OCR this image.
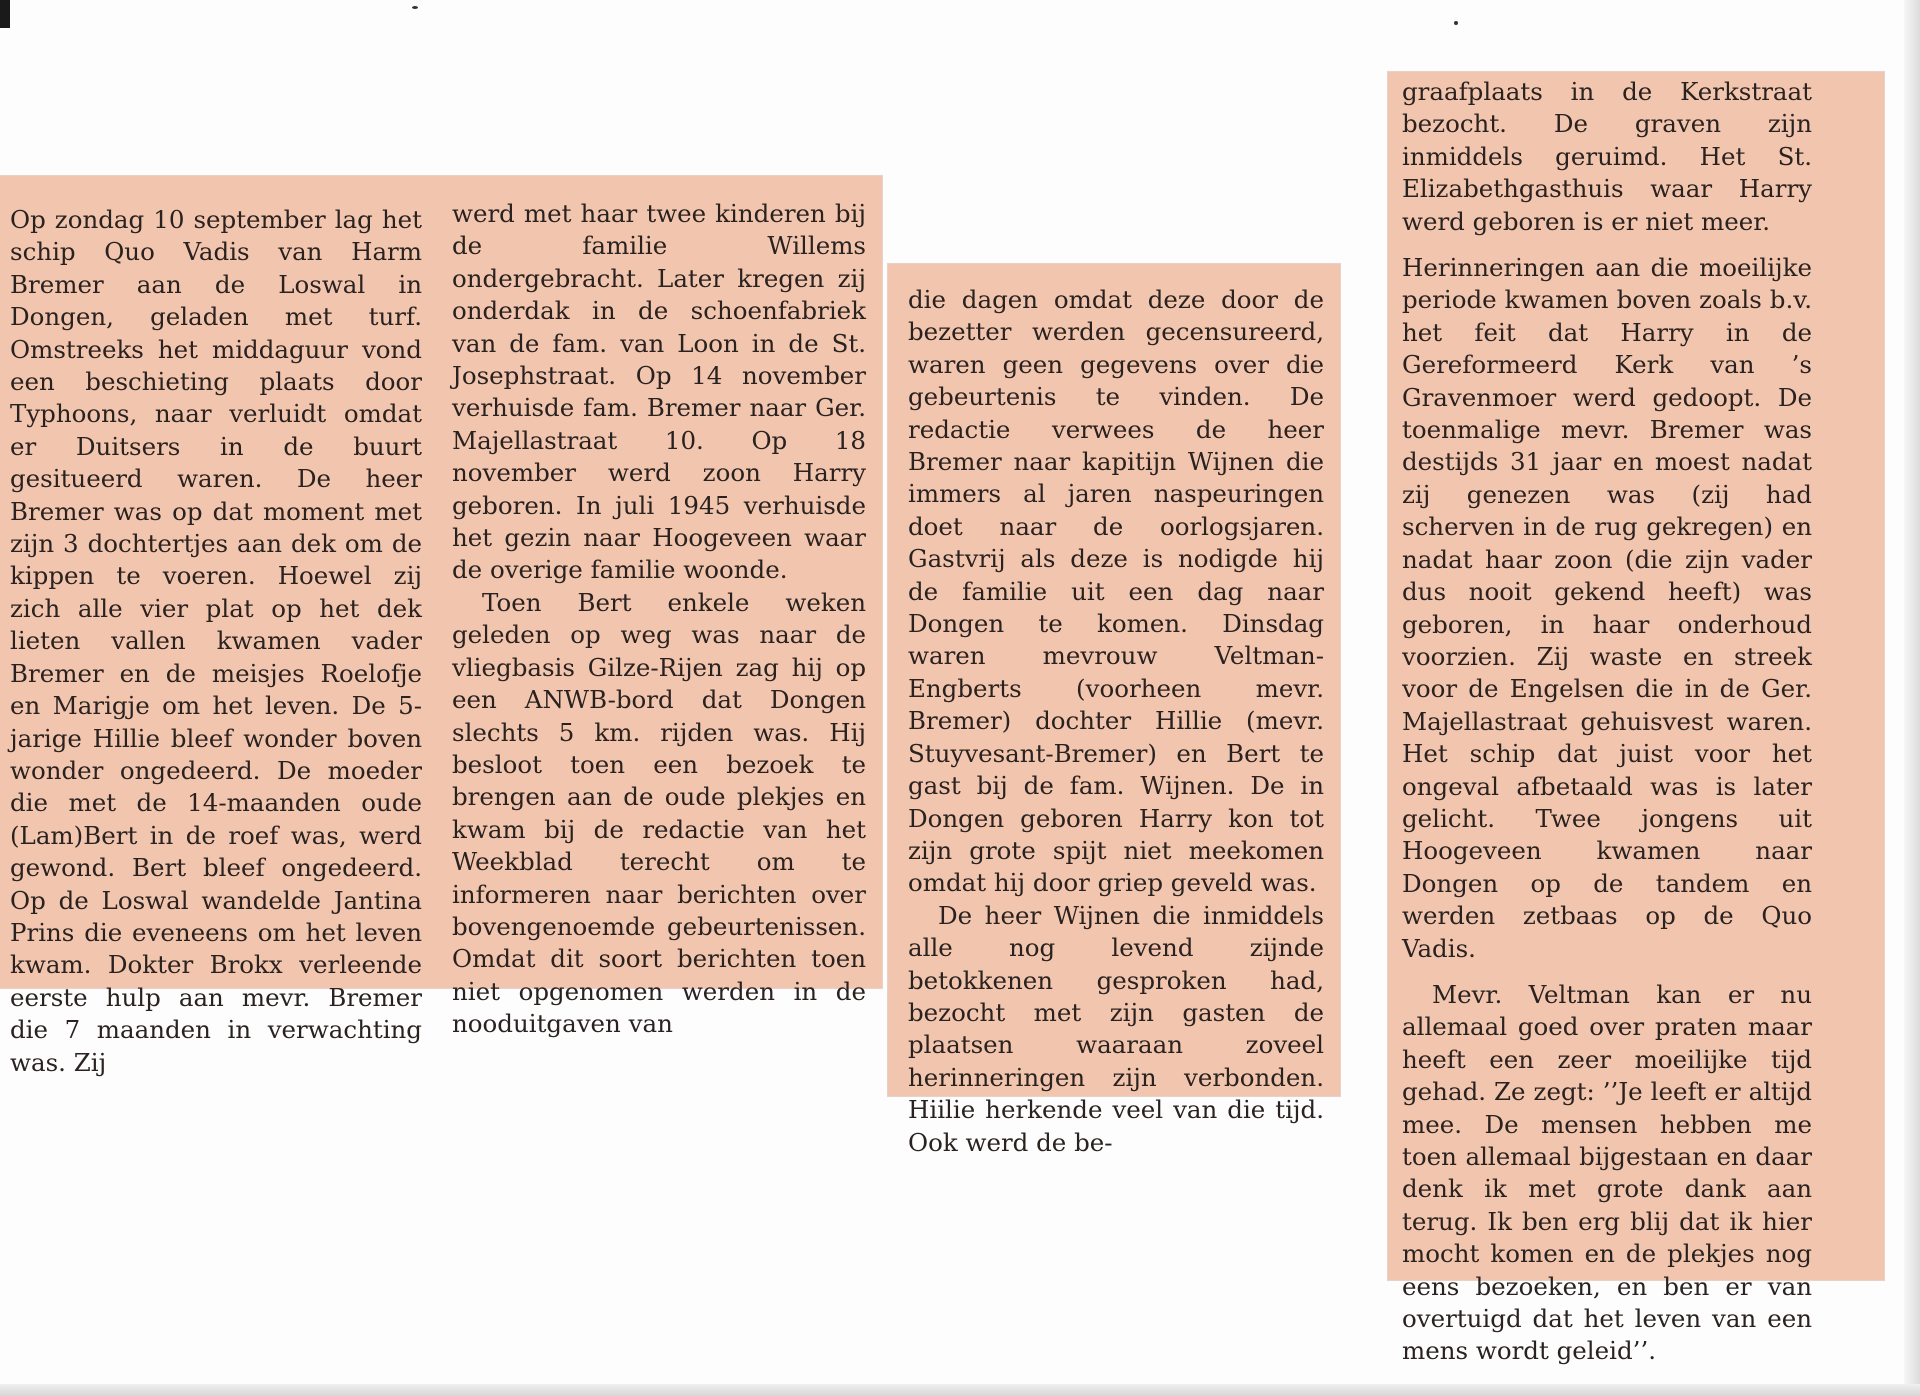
Op zondag 10 september lag het schip Quo Vadis van Harm Bremer aan de Loswal in Dongen, geladen met turf. Omstreeks het middaguur vond een beschieting plaats door Typhoons, naar verluidt omdat er Duitsers in de buurt gesitueerd waren. De heer Bremer was op dat moment met zijn 3 dochtertjes aan dek om de kippen te voeren. Hoewel zij zich alle vier plat op het dek lieten vallen kwamen vader Bremer en de meisjes Roelofje en Marigje om het leven. De 5-jarige Hillie bleef wonder boven wonder ongedeerd. De moeder die met de 14-maanden oude (Lam)Bert in de roef was, werd gewond. Bert bleef ongedeerd. Op de Loswal wandelde Jantina Prins die eveneens om het leven kwam. Dokter Brokx verleende eerste hulp aan mevr. Bremer die 7 maanden in verwachting was. Zij

werd met haar twee kinderen bij de familie Willems ondergebracht. Later kregen zij onderdak in de schoenfabriek van de fam. van Loon in de St. Josephstraat. Op 14 november verhuisde fam. Bremer naar Ger. Majellastraat 10. Op 18 november werd zoon Harry geboren. In juli 1945 verhuisde het gezin naar Hoogeveen waar de overige familie woonde.

Toen Bert enkele weken geleden op weg was naar de vliegbasis Gilze-Rijen zag hij op een ANWB-bord dat Dongen slechts 5 km. rijden was. Hij besloot toen een bezoek te brengen aan de oude plekjes en kwam bij de redactie van het Weekblad terecht om te informeren naar berichten over bovengenoemde gebeurtenissen. Omdat dit soort berichten toen niet opgenomen werden in de nooduitgaven van

die dagen omdat deze door de bezetter werden gecensureerd, waren geen gegevens over die gebeurtenis te vinden. De redactie verwees de heer Bremer naar kapitijn Wijnen die immers al jaren naspeuringen doet naar de oorlogsjaren. Gastvrij als deze is nodigde hij de familie uit een dag naar Dongen te komen. Dinsdag waren mevrouw Veltman-Engberts (voorheen mevr. Bremer) dochter Hillie (mevr. Stuyvesant-Bremer) en Bert te gast bij de fam. Wijnen. De in Dongen geboren Harry kon tot zijn grote spijt niet meekomen omdat hij door griep geveld was.

De heer Wijnen die inmiddels alle nog levend zijnde betokkenen gesproken had, bezocht met zijn gasten de plaatsen waaraan zoveel herinneringen zijn verbonden. Hiilie herkende veel van die tijd. Ook werd de be-

graafplaats in de Kerkstraat bezocht. De graven zijn inmiddels geruimd. Het St. Elizabethgasthuis waar Harry werd geboren is er niet meer.

Herinneringen aan die moeilijke periode kwamen boven zoals b.v. het feit dat Harry in de Gereformeerd Kerk van ’s Gravenmoer werd gedoopt. De toenmalige mevr. Bremer was destijds 31 jaar en moest nadat zij genezen was (zij had scherven in de rug gekregen) en nadat haar zoon (die zijn vader dus nooit gekend heeft) was geboren, in haar onderhoud voorzien. Zij waste en streek voor de Engelsen die in de Ger. Majellastraat gehuisvest waren. Het schip dat juist voor het ongeval afbetaald was is later gelicht. Twee jongens uit Hoogeveen kwamen naar Dongen op de tandem en werden zetbaas op de Quo Vadis.

Mevr. Veltman kan er nu allemaal goed over praten maar heeft een zeer moeilijke tijd gehad. Ze zegt: ’’Je leeft er altijd mee. De mensen hebben me toen allemaal bijgestaan en daar denk ik met grote dank aan terug. Ik ben erg blij dat ik hier mocht komen en de plekjes nog eens bezoeken, en ben er van overtuigd dat het leven van een mens wordt geleid’’.
